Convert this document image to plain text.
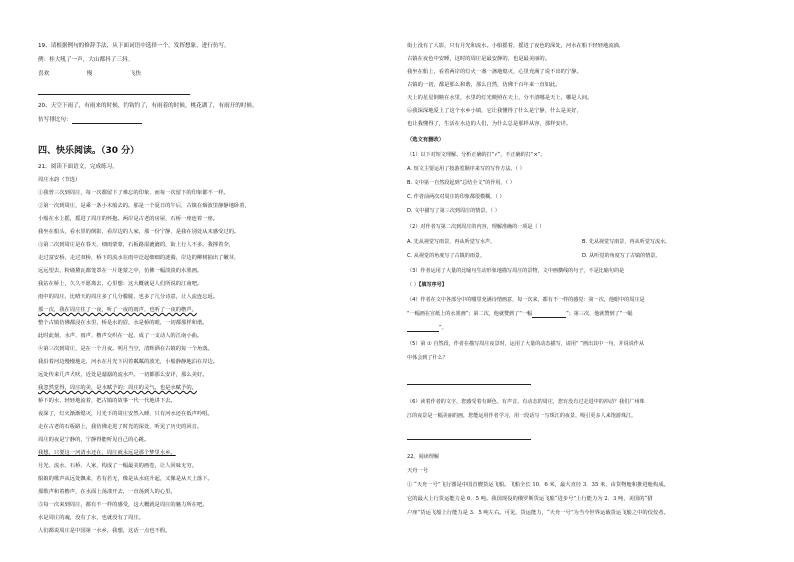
19、请根据例句的修辞手法，从下面词语中选择一个，发挥想象，进行仿写。
例：桂大吼了一声，大山都抖了三抖。
喜欢	慢	飞快
20、天空下雨了，有雨来的时候，钓钩钓了，有雨着的时候，桃花湖了，有雨开的时候。
仿写排比句：
四、快乐阅读。（30 分）
21、阅读下面语文，完成练习。
周庄水韵（节选）
①我曾三次到周庄，每一次都留下了难忘的印象，而每一次留下的印象都不一样。
②第一次到周庄，是乘一条小木船去的。那是一个夏日的午后，古镇在烟波里静静地卧着，
小船在水上摇，摇进了周庄的怀抱。两岸是古老的房屋，石桥一座连着一座。
我坐在船头，看水里的倒影，看岸边的人家，那一份宁静，是我在别处从未感受过的。
③第二次到周庄是在春天，细雨蒙蒙，石板路湿漉漉的，街上行人不多。我撑着伞，
走过富安桥，走过双桥，桥下的流水在雨中泛起细细的涟漪，岸边的柳树抽出了嫩芽，
远远望去，粉墙黛瓦都笼罩在一片迷蒙之中，仿佛一幅淡淡的水墨画。
我站在桥上，久久不愿离去，心里想：这大概就是人们所说的江南吧。
雨中的周庄，比晴天的周庄多了几分朦胧，也多了几分诗意，让人流连忘返。
那一次，我在周庄住了一夜，听了一夜的雨声，也听了一夜的橹声。
整个古镇仿佛都浸在水里，桥是水的眉，水是桥的眼，一切都那样和谐。
此时此刻，水声、雨声、橹声交织在一起，成了一支动人的江南小曲。
④第三次到周庄，是在一个月夜。明月当空，清辉洒在古镇的每一个角落。
我沿着河边慢慢地走，河水在月光下闪着粼粼的波光，小船静静地泊在岸边。
远处传来几声犬吠，近处是潺潺的流水声。一切都那么安详，那么美好。
我忽然觉得，周庄的美，是水赋予的；周庄的灵气，也是水赋予的。
桥下的水，轻轻地流着，把古镇的故事一代一代地讲下去。
夜深了，灯火渐渐熄灭，月光下的周庄安然入睡，只有河水还在低声吟唱。
走在古老的石板路上，我仿佛走进了时光的深处，听见了历史的回音。
周庄的夜是宁静的，宁静得能听见自己的心跳。
我想，只要这一河清水还在，周庄就永远是那个梦里水乡。
月光、流水、石桥、人家，构成了一幅最美的画卷，让人回味无穷。
船娘的歌声从远处飘来，若有若无，像是从水底升起，又像是从天上落下。
那歌声和着橹声，在水面上荡漾开去，一直荡到人的心里。
⑤每一次来到周庄，都有不一样的感受，这大概就是周庄的魅力所在吧。
水是周庄的魂，没有了水，也就没有了周庄。
人们都说周庄是中国第一水乡，我想，这话一点也不假。
街上没有了人影，只有月光和流水。小船摇着，摇进了夜色的深处，河水在船下轻轻地流淌，
古镇在夜色中安睡，这时的周庄是最安静的，也是最美丽的。
我坐在船上，看着两岸的灯火一盏一盏地熄灭，心里充满了说不出的宁静。
古镇的一切，都是那么和谐，那么自然，仿佛千百年来一直如此。
天上的星星倒映在水里，水里的灯光映照在天上，分不清哪是天上，哪是人间。
⑥我深深地爱上了这个水乡小镇，它让我懂得了什么是宁静，什么是美好，
也让我懂得了，生活在水边的人们，为什么总是那样从容，那样安详。
（选文有删改）
（1）以下对短文理解、分析正确的打“√”，不正确的打“×”。
A. 短文主要运用了按游览顺序来写的写作方法。（ ）
B. 文中第一自然段起到“总结全文”的作用。（ ）
C. 作者前两次对周庄的印象都很模糊。（ ）
D. 文中描写了第三次到周庄的情景。（ ）
（2）对作者写第二次到周庄的内容，理解准确的一项是（ ）
A. 先从视觉写雨景，再从听觉写水声。	B. 先从视觉写雨景，再从听觉写流水。
C. 从视觉的角度写了古镇的雨景。	D. 从听觉的角度写了古镇的情景。
（3）作者运用了大量的比喻句生动形象地描写周庄的景物，文中画横线的句子，不是比喻句的是
（ ）【填写序号】
（4）作者在文中各部分中的哪里充满诗情画意，每一次来，都有不一样的感觉：第一次，他眼中的周庄是
“一幅画在宣纸上的水墨画”；第二次，他就赞到了“一幅	”；第三次，他就赞到了“一幅
”。
（5）第 ① 自然段，作者在描写周庄夜景时，运用了大量的动态描写，请用“ ”画出其中一句，并说说作从
中体会到了什么？
（6）读着作者的文字，您感受着有颜色、有声音，有动态的周庄，您有没有过走进中的冲动？我们广州珠
江的夜景是一幅美丽的画，您能运用作者学习，用一段话写一写珠江的夜景，吸引更多人来饱游珠江。
22、阅读理解
天舟一号
① “天舟一号”飞行器是中国首艘货运飞船。飞船全长 10．6 米，最大直径 3．35 米，由货物舱和推进舱构成。
它的最大上行货运能力是 6．5 吨。我国现役的俄罗斯货运飞船“进步号”上行能力为 2．3 吨，美国的“猎
户座”货运飞船上行能力是 3．5 吨左右。可见，货运能力，“天舟一号”为当今世界运载货运飞船之中的佼佼者。
